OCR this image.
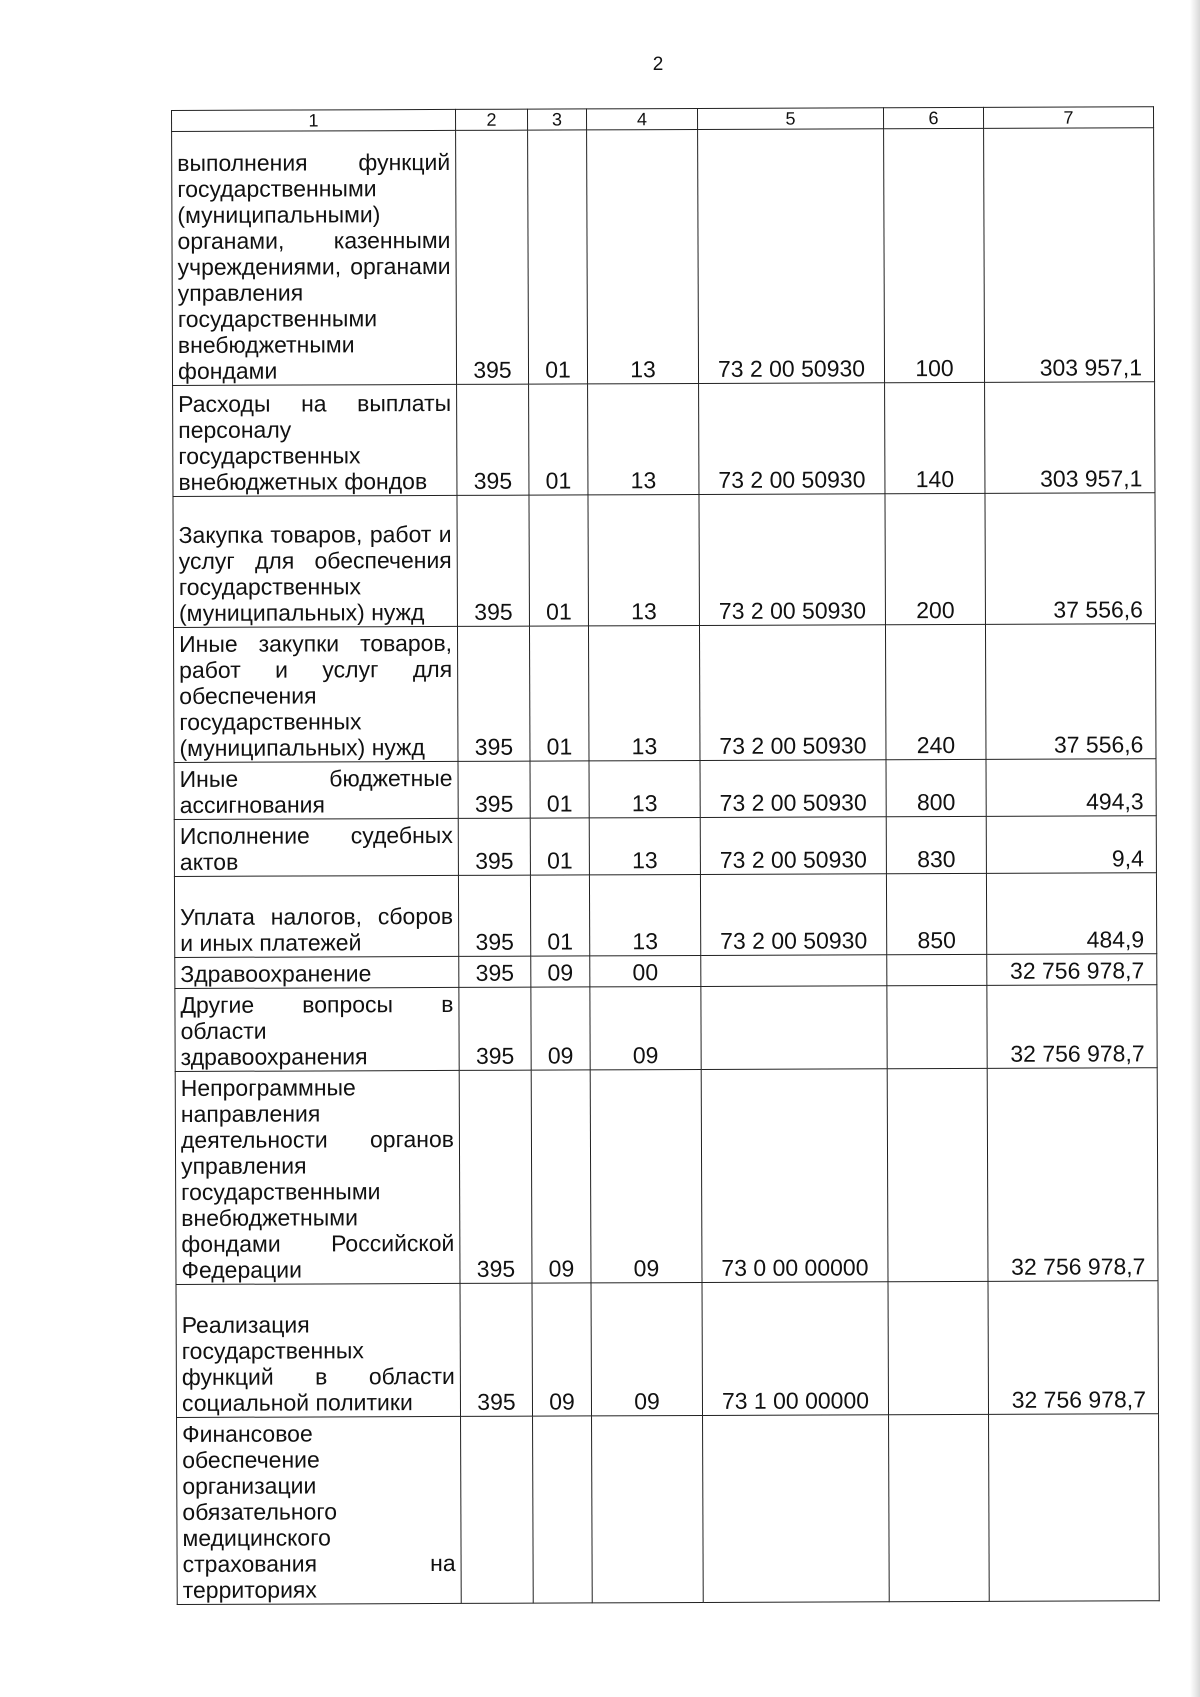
2
1	2	3	4	5	6	7
выполнения функций государственными (муниципальными) органами, казенными учреждениями, органами управления государственными внебюджетными фондами	395	01	13	73 2 00 50930	100	303 957,1
Расходы на выплаты персоналу государственных внебюджетных фондов	395	01	13	73 2 00 50930	140	303 957,1
Закупка товаров, работ и услуг для обеспечения государственных (муниципальных) нужд	395	01	13	73 2 00 50930	200	37 556,6
Иные закупки товаров, работ и услуг для обеспечения государственных (муниципальных) нужд	395	01	13	73 2 00 50930	240	37 556,6
Иные бюджетные ассигнования	395	01	13	73 2 00 50930	800	494,3
Исполнение судебных актов	395	01	13	73 2 00 50930	830	9,4
Уплата налогов, сборов и иных платежей	395	01	13	73 2 00 50930	850	484,9
Здравоохранение	395	09	00			32 756 978,7
Другие вопросы в области здравоохранения	395	09	09			32 756 978,7
Непрограммные направления деятельности органов управления государственными внебюджетными фондами Российской Федерации	395	09	09	73 0 00 00000		32 756 978,7
Реализация государственных функций в области социальной политики	395	09	09	73 1 00 00000		32 756 978,7
Финансовое обеспечение организации обязательного медицинского страхования на территориях						
